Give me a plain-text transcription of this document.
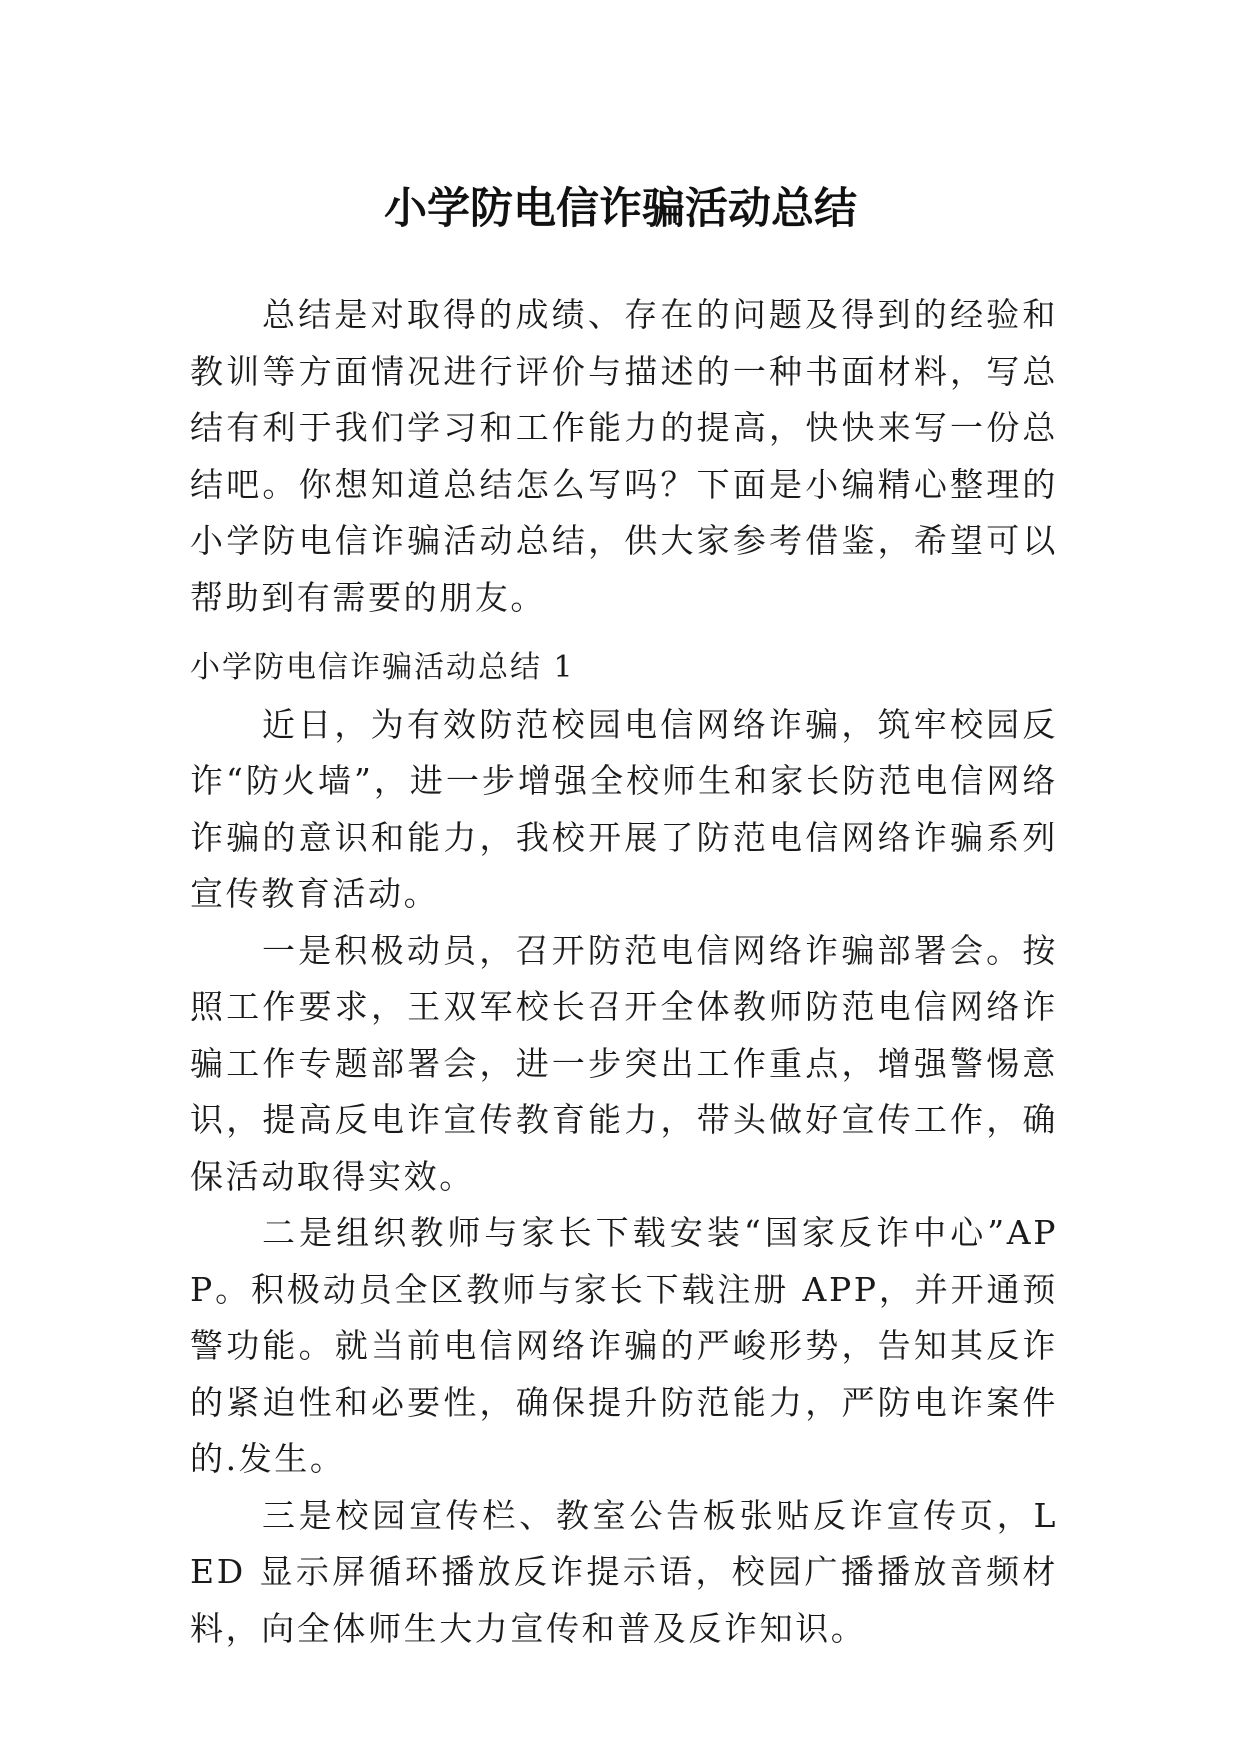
小学防电信诈骗活动总结

总结是对取得的成绩、存在的问题及得到的经验和教训等方面情况进行评价与描述的一种书面材料，写总结有利于我们学习和工作能力的提高，快快来写一份总结吧。你想知道总结怎么写吗？下面是小编精心整理的小学防电信诈骗活动总结，供大家参考借鉴，希望可以帮助到有需要的朋友。

小学防电信诈骗活动总结 1

近日，为有效防范校园电信网络诈骗，筑牢校园反诈“防火墙”，进一步增强全校师生和家长防范电信网络诈骗的意识和能力，我校开展了防范电信网络诈骗系列宣传教育活动。

一是积极动员，召开防范电信网络诈骗部署会。按照工作要求，王双军校长召开全体教师防范电信网络诈骗工作专题部署会，进一步突出工作重点，增强警惕意识，提高反电诈宣传教育能力，带头做好宣传工作，确保活动取得实效。

二是组织教师与家长下载安装“国家反诈中心”APP。积极动员全区教师与家长下载注册 APP，并开通预警功能。就当前电信网络诈骗的严峻形势，告知其反诈的紧迫性和必要性，确保提升防范能力，严防电诈案件的.发生。

三是校园宣传栏、教室公告板张贴反诈宣传页，LED 显示屏循环播放反诈提示语，校园广播播放音频材料，向全体师生大力宣传和普及反诈知识。
